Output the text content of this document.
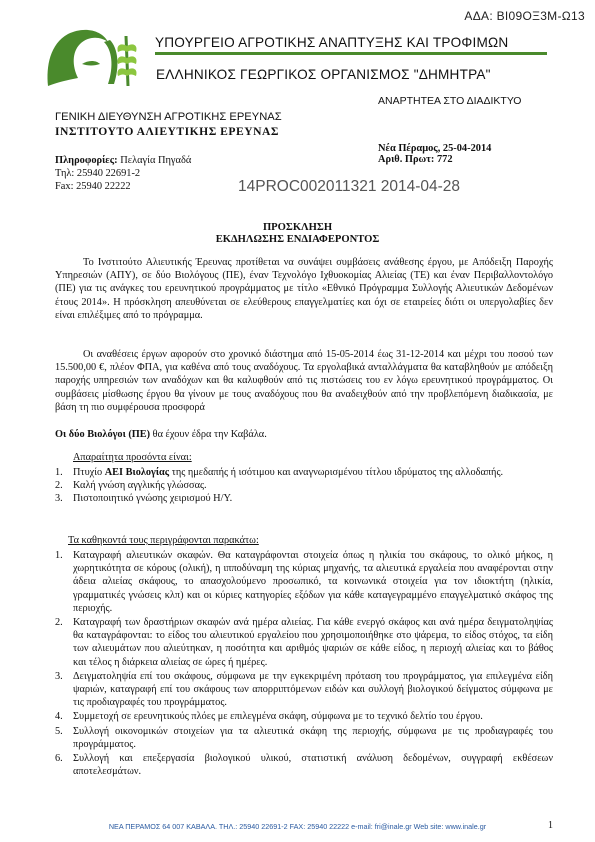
ΑΔΑ: ΒΙ09ΟΞ3Μ-Ω13
ΥΠΟΥΡΓΕΙΟ ΑΓΡΟΤΙΚΗΣ ΑΝΑΠΤΥΞΗΣ ΚΑΙ ΤΡΟΦΙΜΩΝ
ΕΛΛΗΝΙΚΟΣ ΓΕΩΡΓΙΚΟΣ ΟΡΓΑΝΙΣΜΟΣ "ΔΗΜΗΤΡΑ"
ΑΝΑΡΤΗΤΕΑ ΣΤΟ ΔΙΑΔΙΚΤΥΟ
ΓΕΝΙΚΗ ΔΙΕΥΘΥΝΣΗ ΑΓΡΟΤΙΚΗΣ ΕΡΕΥΝΑΣ
ΙΝΣΤΙΤΟΥΤΟ ΑΛΙΕΥΤΙΚΗΣ ΕΡΕΥΝΑΣ
Νέα Πέραμος, 25-04-2014
Αριθ. Πρωτ: 772
Πληροφορίες: Πελαγία Πηγαδά
Τηλ: 25940 22691-2
Fax: 25940 22222	14PROC002011321 2014-04-28
ΠΡΟΣΚΛΗΣΗ
ΕΚΔΗΛΩΣΗΣ ΕΝΔΙΑΦΕΡΟΝΤΟΣ
Το Ινστιτούτο Αλιευτικής Έρευνας προτίθεται να συνάψει συμβάσεις ανάθεσης έργου, με Απόδειξη Παροχής Υπηρεσιών (ΑΠΥ), σε δύο Βιολόγους (ΠΕ), έναν Τεχνολόγο Ιχθυοκομίας Αλιείας (ΤΕ) και έναν Περιβαλλοντολόγο (ΠΕ) για τις ανάγκες του ερευνητικού προγράμματος με τίτλο «Εθνικό Πρόγραμμα Συλλογής Αλιευτικών Δεδομένων έτους 2014». Η πρόσκληση απευθύνεται σε ελεύθερους επαγγελματίες και όχι σε εταιρείες διότι οι υπεργολαβίες δεν είναι επιλέξιμες από το πρόγραμμα.
Οι αναθέσεις έργων αφορούν στο χρονικό διάστημα από 15-05-2014 έως 31-12-2014 και μέχρι του ποσού των 15.500,00 €, πλέον ΦΠΑ, για καθένα από τους αναδόχους. Τα εργολαβικά ανταλλάγματα θα καταβληθούν με απόδειξη παροχής υπηρεσιών των αναδόχων και θα καλυφθούν από τις πιστώσεις του εν λόγω ερευνητικού προγράμματος. Οι συμβάσεις μίσθωσης έργου θα γίνουν με τους αναδόχους που θα αναδειχθούν από την προβλεπόμενη διαδικασία, με βάση τη πιο συμφέρουσα προσφορά
Οι δύο Βιολόγοι (ΠΕ) θα έχουν έδρα την Καβάλα.
Απαραίτητα προσόντα είναι:
1. Πτυχίο ΑΕΙ Βιολογίας της ημεδαπής ή ισότιμου και αναγνωρισμένου τίτλου ιδρύματος της αλλοδαπής.
2. Καλή γνώση αγγλικής γλώσσας.
3. Πιστοποιητικό γνώσης χειρισμού Η/Υ.
Τα καθηκοντά τους περιγράφονται παρακάτω:
1. Καταγραφή αλιευτικών σκαφών. Θα καταγράφονται στοιχεία όπως η ηλικία του σκάφους, το ολικό μήκος, η χωρητικότητα σε κόρους (ολική), η ιπποδύναμη της κύριας μηχανής, τα αλιευτικά εργαλεία που αναφέρονται στην άδεια αλιείας σκάφους, το απασχολούμενο προσωπικό, τα κοινωνικά στοιχεία για τον ιδιοκτήτη (ηλικία, γραμματικές γνώσεις κλπ) και οι κύριες κατηγορίες εξόδων για κάθε καταγεγραμμένο επαγγελματικό σκάφος της περιοχής.
2. Καταγραφή των δραστήριων σκαφών ανά ημέρα αλιείας. Για κάθε ενεργό σκάφος και ανά ημέρα δειγματοληψίας θα καταγράφονται: το είδος του αλιευτικού εργαλείου που χρησιμοποιήθηκε στο ψάρεμα, το είδος στόχος, τα είδη των αλιευμάτων που αλιεύτηκαν, η ποσότητα και αριθμός ψαριών σε κάθε είδος, η περιοχή αλιείας και το βάθος και τέλος η διάρκεια αλιείας σε ώρες ή ημέρες.
3. Δειγματοληψία επί του σκάφους, σύμφωνα με την εγκεκριμένη πρόταση του προγράμματος, για επιλεγμένα είδη ψαριών, καταγραφή επί του σκάφους των απορριπτόμενων ειδών και συλλογή βιολογικού δείγματος σύμφωνα με τις προδιαγραφές του προγράμματος.
4. Συμμετοχή σε ερευνητικούς πλόες με επιλεγμένα σκάφη, σύμφωνα με το τεχνικό δελτίο του έργου.
5. Συλλογή οικονομικών στοιχείων για τα αλιευτικά σκάφη της περιοχής, σύμφωνα με τις προδιαγραφές του προγράμματος.
6. Συλλογή και επεξεργασία βιολογικού υλικού, στατιστική ανάλυση δεδομένων, συγγραφή εκθέσεων αποτελεσμάτων.
ΝΕΑ ΠΕΡΑΜΟΣ 64 007 ΚΑΒΑΛΑ. ΤΗΛ.: 25940 22691-2 FAX: 25940 22222 e-mail: fri@inale.gr Web site: www.inale.gr	1
